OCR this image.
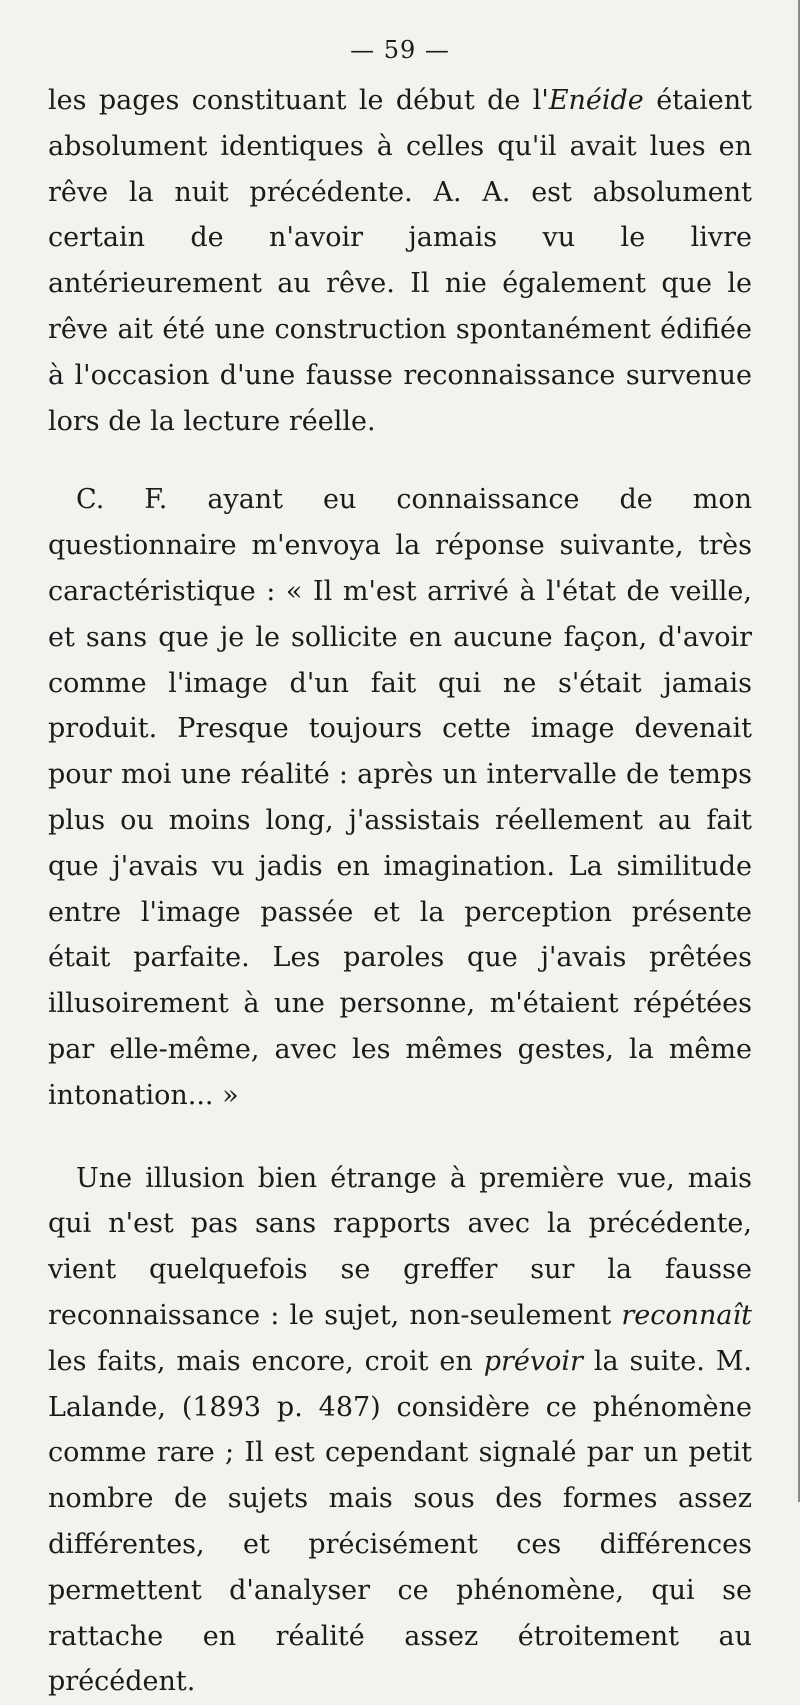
— 59 —

les pages constituant le début de l'Enéide étaient absolument identiques à celles qu'il avait lues en rêve la nuit précédente. A. A. est absolument certain de n'avoir jamais vu le livre antérieurement au rêve. Il nie également que le rêve ait été une construction spontanément édifiée à l'occasion d'une fausse reconnaissance survenue lors de la lecture réelle.

C. F. ayant eu connaissance de mon questionnaire m'envoya la réponse suivante, très caractéristique : « Il m'est arrivé à l'état de veille, et sans que je le sollicite en aucune façon, d'avoir comme l'image d'un fait qui ne s'était jamais produit. Presque toujours cette image devenait pour moi une réalité : après un intervalle de temps plus ou moins long, j'assistais réellement au fait que j'avais vu jadis en imagination. La similitude entre l'image passée et la perception présente était parfaite. Les paroles que j'avais prêtées illusoirement à une personne, m'étaient répétées par elle-même, avec les mêmes gestes, la même intonation... »

Une illusion bien étrange à première vue, mais qui n'est pas sans rapports avec la précédente, vient quelquefois se greffer sur la fausse reconnaissance : le sujet, non-seulement reconnaît les faits, mais encore, croit en prévoir la suite. M. Lalande, (1893 p. 487) considère ce phénomène comme rare ; Il est cependant signalé par un petit nombre de sujets mais sous des formes assez différentes, et précisément ces différences permettent d'analyser ce phénomène, qui se rattache en réalité assez étroitement au précédent.
